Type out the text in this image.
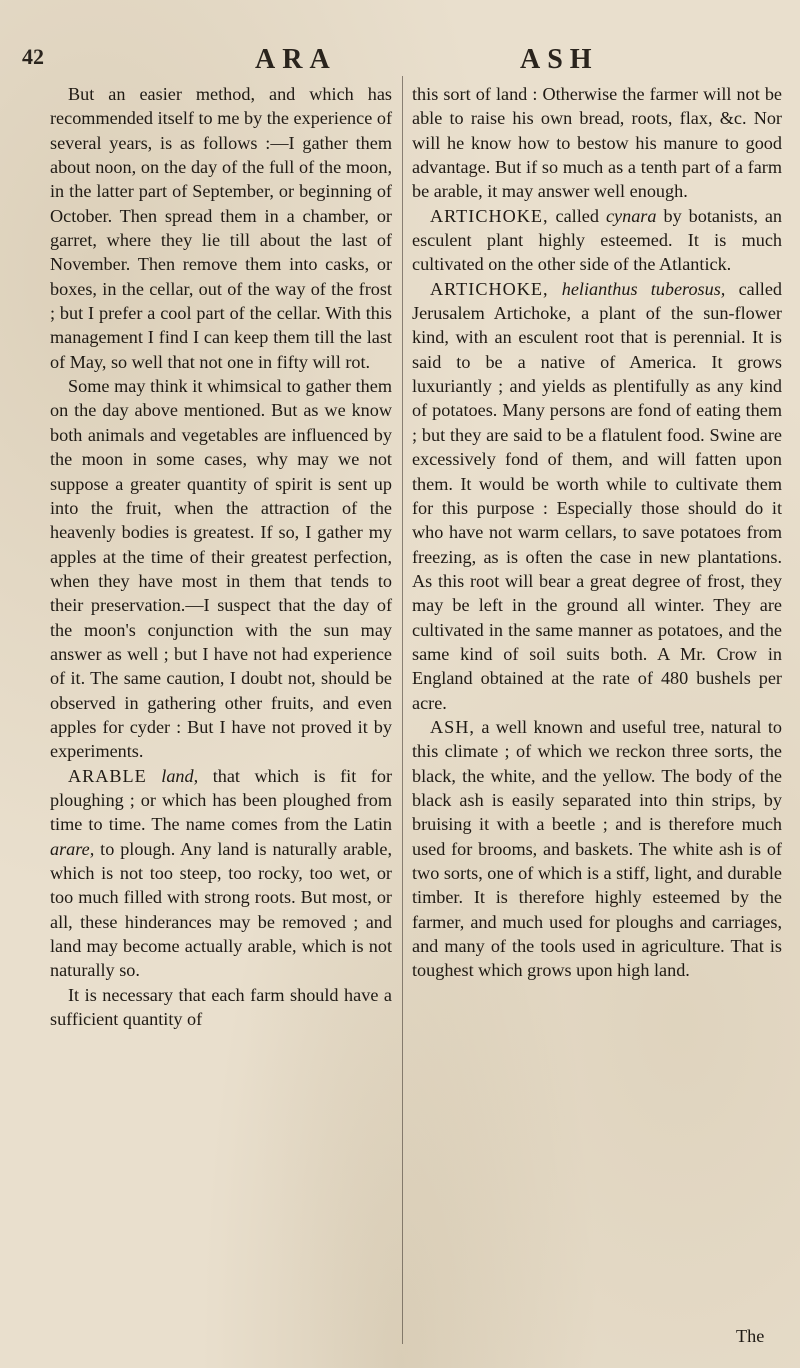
42	ARA	ASH

But an easier method, and which has recommended itself to me by the experience of several years, is as follows :—I gather them about noon, on the day of the full of the moon, in the latter part of September, or beginning of October. Then spread them in a chamber, or garret, where they lie till about the last of November. Then remove them into casks, or boxes, in the cellar, out of the way of the frost ; but I prefer a cool part of the cellar. With this management I find I can keep them till the last of May, so well that not one in fifty will rot.

Some may think it whimsical to gather them on the day above mentioned. But as we know both animals and vegetables are influenced by the moon in some cases, why may we not suppose a greater quantity of spirit is sent up into the fruit, when the attraction of the heavenly bodies is greatest. If so, I gather my apples at the time of their greatest perfection, when they have most in them that tends to their preservation.—I suspect that the day of the moon's conjunction with the sun may answer as well ; but I have not had experience of it. The same caution, I doubt not, should be observed in gathering other fruits, and even apples for cyder : But I have not proved it by experiments.

ARABLE land, that which is fit for ploughing ; or which has been ploughed from time to time. The name comes from the Latin arare, to plough. Any land is naturally arable, which is not too steep, too rocky, too wet, or too much filled with strong roots. But most, or all, these hinderances may be removed ; and land may become actually arable, which is not naturally so.

It is necessary that each farm should have a sufficient quantity of

this sort of land : Otherwise the farmer will not be able to raise his own bread, roots, flax, &c. Nor will he know how to bestow his manure to good advantage. But if so much as a tenth part of a farm be arable, it may answer well enough.

ARTICHOKE, called cynara by botanists, an esculent plant highly esteemed. It is much cultivated on the other side of the Atlantick.

ARTICHOKE, helianthus tuberosus, called Jerusalem Artichoke, a plant of the sun-flower kind, with an esculent root that is perennial. It is said to be a native of America. It grows luxuriantly ; and yields as plentifully as any kind of potatoes. Many persons are fond of eating them ; but they are said to be a flatulent food. Swine are excessively fond of them, and will fatten upon them. It would be worth while to cultivate them for this purpose : Especially those should do it who have not warm cellars, to save potatoes from freezing, as is often the case in new plantations. As this root will bear a great degree of frost, they may be left in the ground all winter. They are cultivated in the same manner as potatoes, and the same kind of soil suits both. A Mr. Crow in England obtained at the rate of 480 bushels per acre.

ASH, a well known and useful tree, natural to this climate ; of which we reckon three sorts, the black, the white, and the yellow. The body of the black ash is easily separated into thin strips, by bruising it with a beetle ; and is therefore much used for brooms, and baskets. The white ash is of two sorts, one of which is a stiff, light, and durable timber. It is therefore highly esteemed by the farmer, and much used for ploughs and carriages, and many of the tools used in agriculture. That is toughest which grows upon high land.

The
